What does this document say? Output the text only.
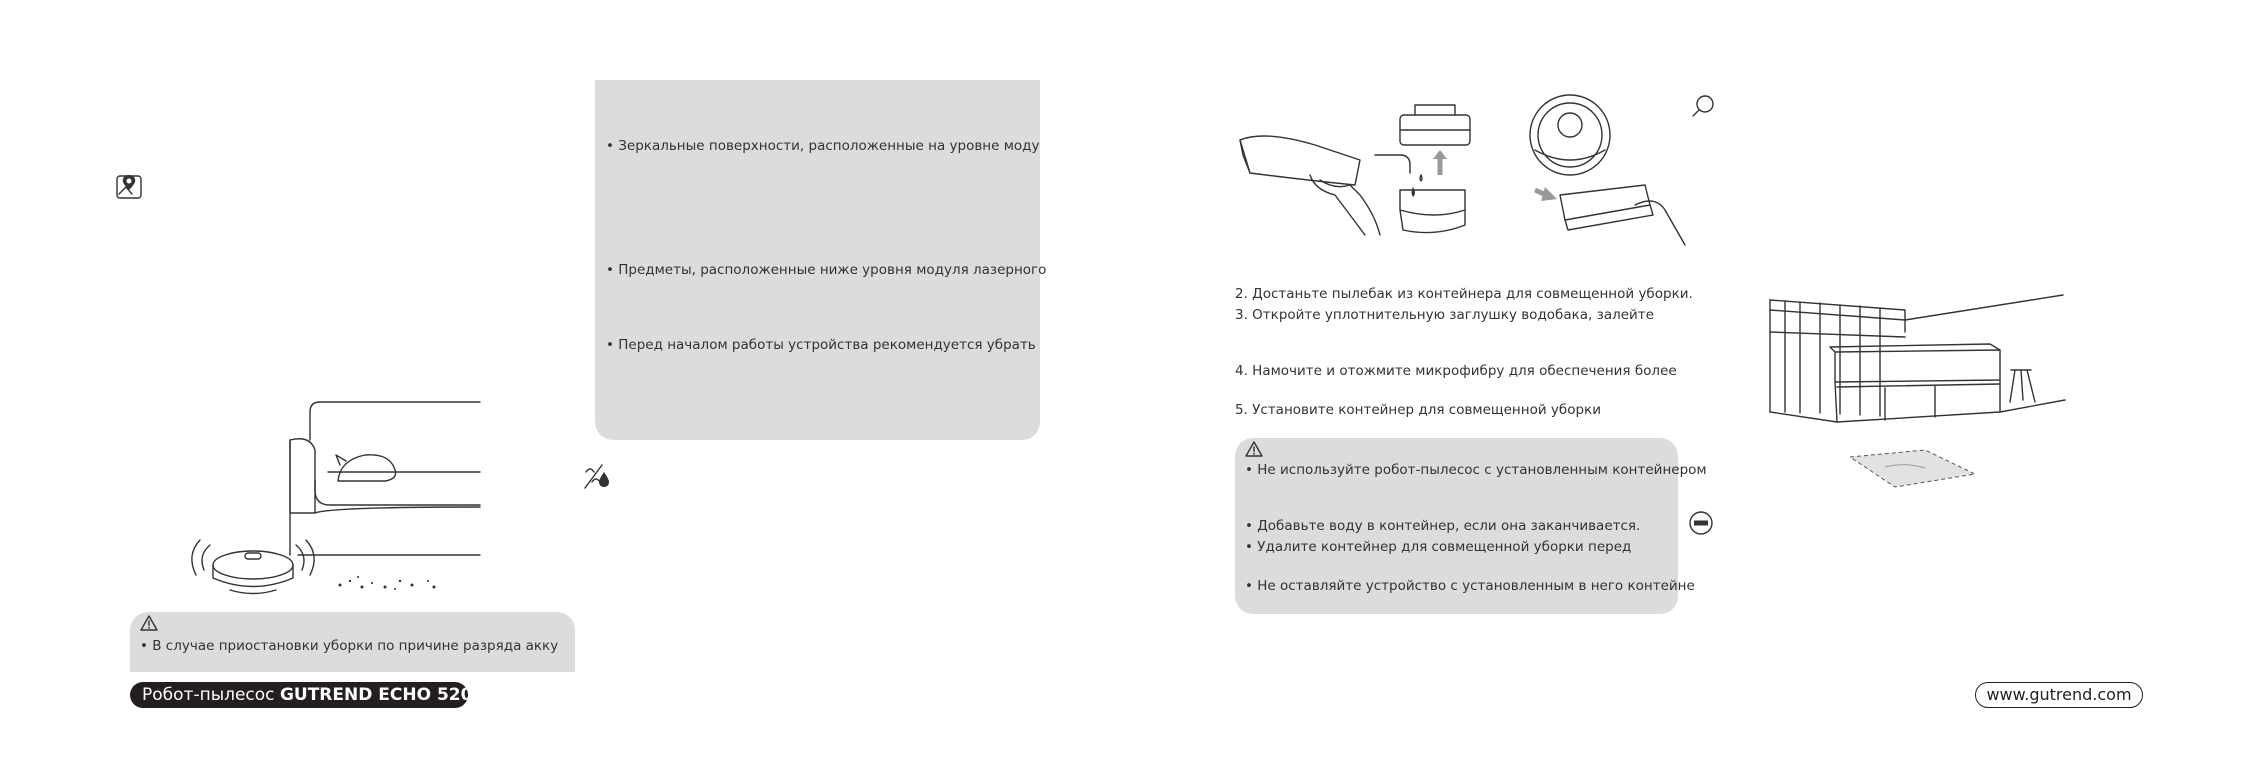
• Зеркальные поверхности, расположенные на уровне моду
• Предметы, расположенные ниже уровня модуля лазерного
• Перед началом работы устройства рекомендуется убрать
• В случае приостановки уборки по причине разряда акку
Робот-пылесос GUTREND ECHO 520
2. Достаньте пылебак из контейнера для совмещенной уборки.
3. Откройте уплотнительную заглушку водобака, залейте
4. Намочите и отожмите микрофибру для обеспечения более
5. Установите контейнер для совмещенной уборки
• Не используйте робот-пылесос с установленным контейнером
• Добавьте воду в контейнер, если она заканчивается.
• Удалите контейнер для совмещенной уборки перед
• Не оставляйте устройство с установленным в него контейне
www.gutrend.com
